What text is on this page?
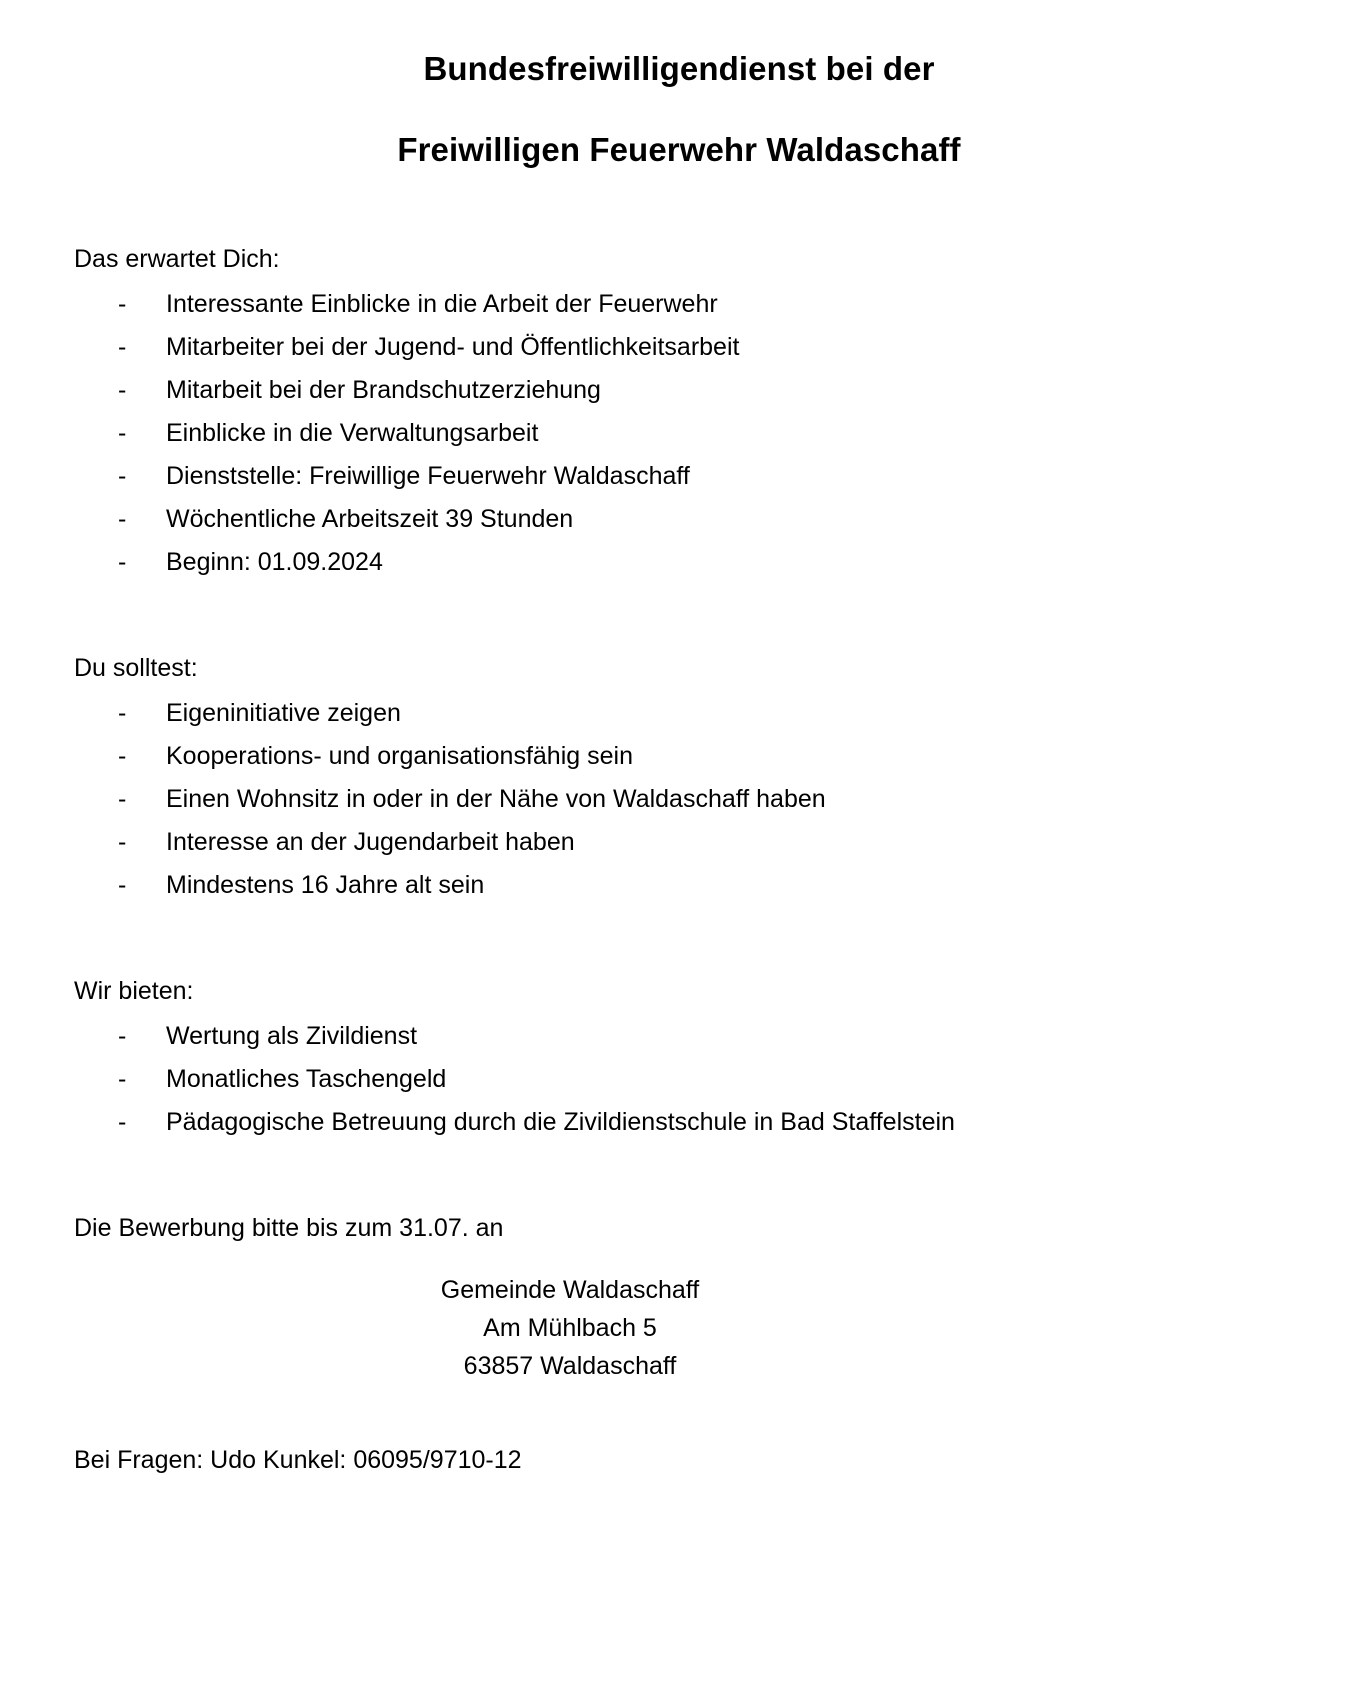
Bundesfreiwilligendienst bei der
Freiwilligen Feuerwehr Waldaschaff
Das erwartet Dich:
- Interessante Einblicke in die Arbeit der Feuerwehr
- Mitarbeiter bei der Jugend- und Öffentlichkeitsarbeit
- Mitarbeit bei der Brandschutzerziehung
- Einblicke in die Verwaltungsarbeit
- Dienststelle: Freiwillige Feuerwehr Waldaschaff
- Wöchentliche Arbeitszeit 39 Stunden
- Beginn: 01.09.2024
Du solltest:
- Eigeninitiative zeigen
- Kooperations- und organisationsfähig sein
- Einen Wohnsitz in oder in der Nähe von Waldaschaff haben
- Interesse an der Jugendarbeit haben
- Mindestens 16 Jahre alt sein
Wir bieten:
- Wertung als Zivildienst
- Monatliches Taschengeld
- Pädagogische Betreuung durch die Zivildienstschule in Bad Staffelstein
Die Bewerbung bitte bis zum 31.07. an
Gemeinde Waldaschaff
Am Mühlbach 5
63857 Waldaschaff
Bei Fragen: Udo Kunkel: 06095/9710-12
